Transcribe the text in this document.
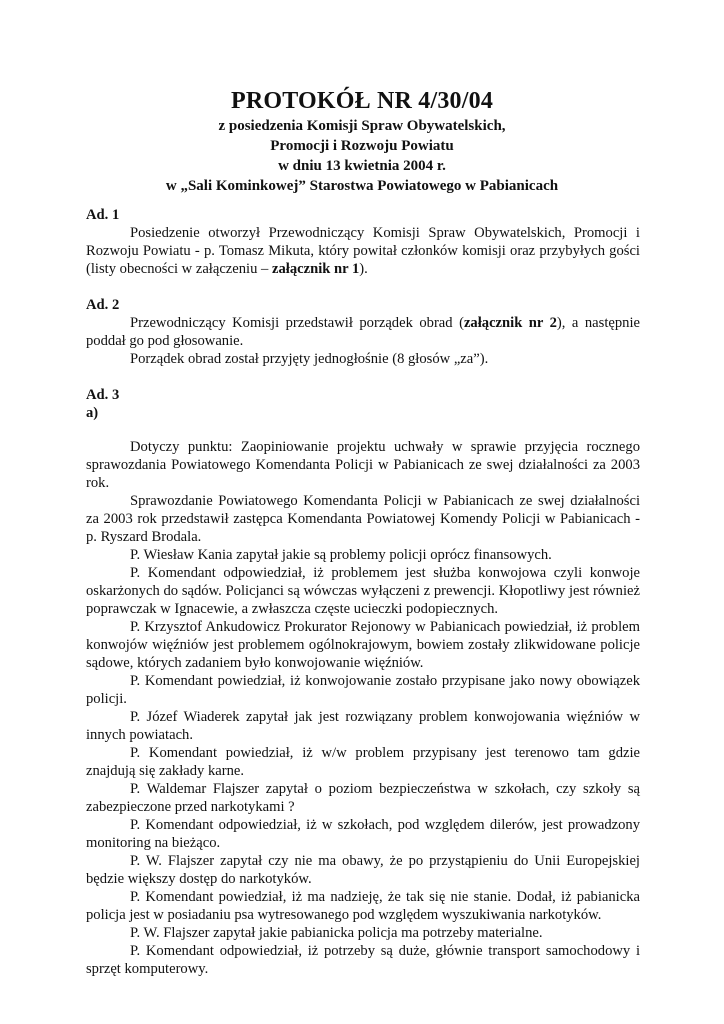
PROTOKÓŁ NR 4/30/04

z posiedzenia Komisji Spraw Obywatelskich,

Promocji i Rozwoju Powiatu

w dniu 13 kwietnia 2004 r.

w „Sali Kominkowej” Starostwa Powiatowego w Pabianicach

Ad. 1

Posiedzenie otworzył Przewodniczący Komisji Spraw Obywatelskich, Promocji i Rozwoju Powiatu - p. Tomasz Mikuta, który powitał członków komisji oraz przybyłych gości (listy obecności w załączeniu – załącznik nr 1).

Ad. 2

Przewodniczący Komisji przedstawił porządek obrad (załącznik nr 2), a następnie poddał go pod głosowanie.

Porządek obrad został przyjęty jednogłośnie (8 głosów „za”).

Ad. 3

a)

Dotyczy punktu: Zaopiniowanie projektu uchwały w sprawie przyjęcia rocznego sprawozdania Powiatowego Komendanta Policji w Pabianicach ze swej działalności za 2003 rok.

Sprawozdanie Powiatowego Komendanta Policji w Pabianicach ze swej działalności za 2003 rok przedstawił zastępca Komendanta Powiatowej Komendy Policji w Pabianicach - p. Ryszard Brodala.

P. Wiesław Kania zapytał jakie są problemy policji oprócz finansowych.

P. Komendant odpowiedział, iż problemem jest służba konwojowa czyli konwoje oskarżonych do sądów. Policjanci są wówczas wyłączeni z prewencji. Kłopotliwy jest również poprawczak w Ignacewie, a zwłaszcza częste ucieczki podopiecznych.

P. Krzysztof Ankudowicz Prokurator Rejonowy w Pabianicach powiedział, iż problem konwojów więźniów jest problemem ogólnokrajowym, bowiem zostały zlikwidowane policje sądowe, których zadaniem było konwojowanie więźniów.

P. Komendant powiedział, iż konwojowanie zostało przypisane jako nowy obowiązek policji.

P. Józef Wiaderek zapytał jak jest rozwiązany problem konwojowania więźniów w innych powiatach.

P. Komendant powiedział, iż w/w problem przypisany jest terenowo tam gdzie znajdują się zakłady karne.

P. Waldemar Flajszer zapytał o poziom bezpieczeństwa w szkołach, czy szkoły są zabezpieczone przed narkotykami ?

P. Komendant odpowiedział, iż w szkołach, pod względem dilerów, jest prowadzony monitoring na bieżąco.

P. W. Flajszer zapytał czy nie ma obawy, że po przystąpieniu do Unii Europejskiej będzie większy dostęp do narkotyków.

P. Komendant powiedział, iż ma nadzieję, że tak się nie stanie. Dodał, iż pabianicka policja jest w posiadaniu psa wytresowanego pod względem wyszukiwania narkotyków.

P. W. Flajszer zapytał jakie pabianicka policja ma potrzeby materialne.

P. Komendant odpowiedział, iż potrzeby są duże, głównie transport samochodowy i sprzęt komputerowy.
